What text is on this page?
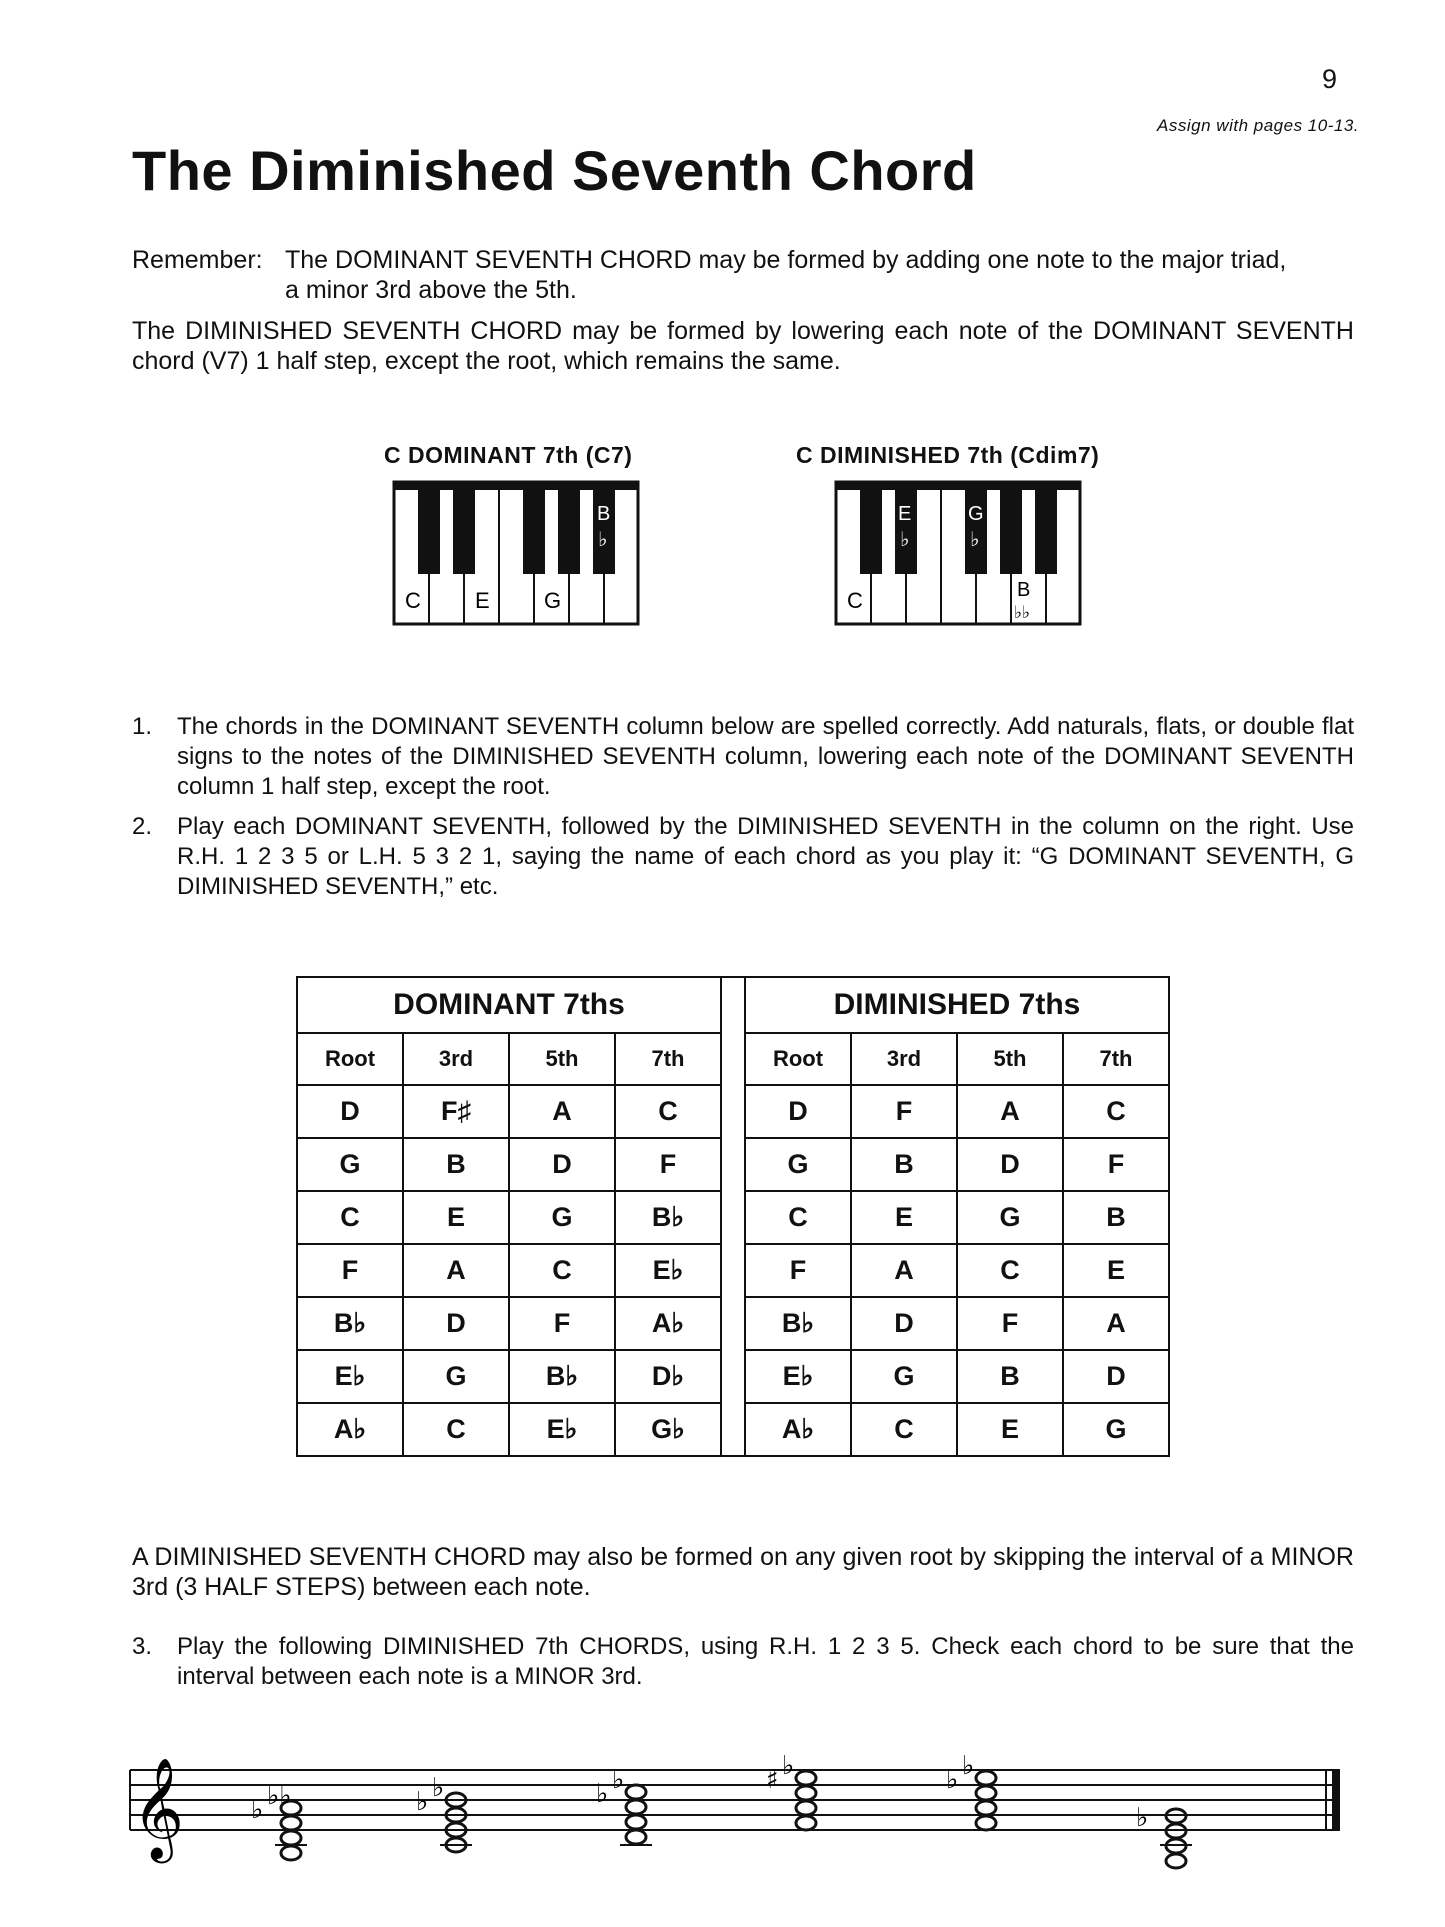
9
Assign with pages 10-13.
The Diminished Seventh Chord
Remember: The DOMINANT SEVENTH CHORD may be formed by adding one note to the major triad,
a minor 3rd above the 5th.
The DIMINISHED SEVENTH CHORD may be formed by lowering each note of the DOMINANT SEVENTH chord (V7) 1 half step, except the root, which remains the same.
C DOMINANT 7th (C7)
C E G
B
♭
C DIMINISHED 7th (Cdim7)
C
E
♭
G
♭
B
♭♭
1. The chords in the DOMINANT SEVENTH column below are spelled correctly. Add naturals, flats, or double flat signs to the notes of the DIMINISHED SEVENTH column, lowering each note of the DOMINANT SEVENTH column 1 half step, except the root.
2. Play each DOMINANT SEVENTH, followed by the DIMINISHED SEVENTH in the column on the right. Use R.H. 1 2 3 5 or L.H. 5 3 2 1, saying the name of each chord as you play it: “G DOMINANT SEVENTH, G DIMINISHED SEVENTH,” etc.
DOMINANT 7ths					DIMINISHED 7ths			
Root	3rd	5th	7th		Root	3rd	5th	7th
D	F♯	A	C		D	F	A	C
G	B	D	F		G	B	D	F
C	E	G	B♭		C	E	G	B
F	A	C	E♭		F	A	C	E
B♭	D	F	A♭		B♭	D	F	A
E♭	G	B♭	D♭		E♭	G	B	D
A♭	C	E♭	G♭		A♭	C	E	G
A DIMINISHED SEVENTH CHORD may also be formed on any given root by skipping the interval of a MINOR 3rd (3 HALF STEPS) between each note.
3. Play the following DIMINISHED 7th CHORDS, using R.H. 1 2 3 5. Check each chord to be sure that the interval between each note is a MINOR 3rd.
𝄞	♭ ♭♭	♭ ♭	♭ ♭	♯ ♭	♭ ♭
♭
